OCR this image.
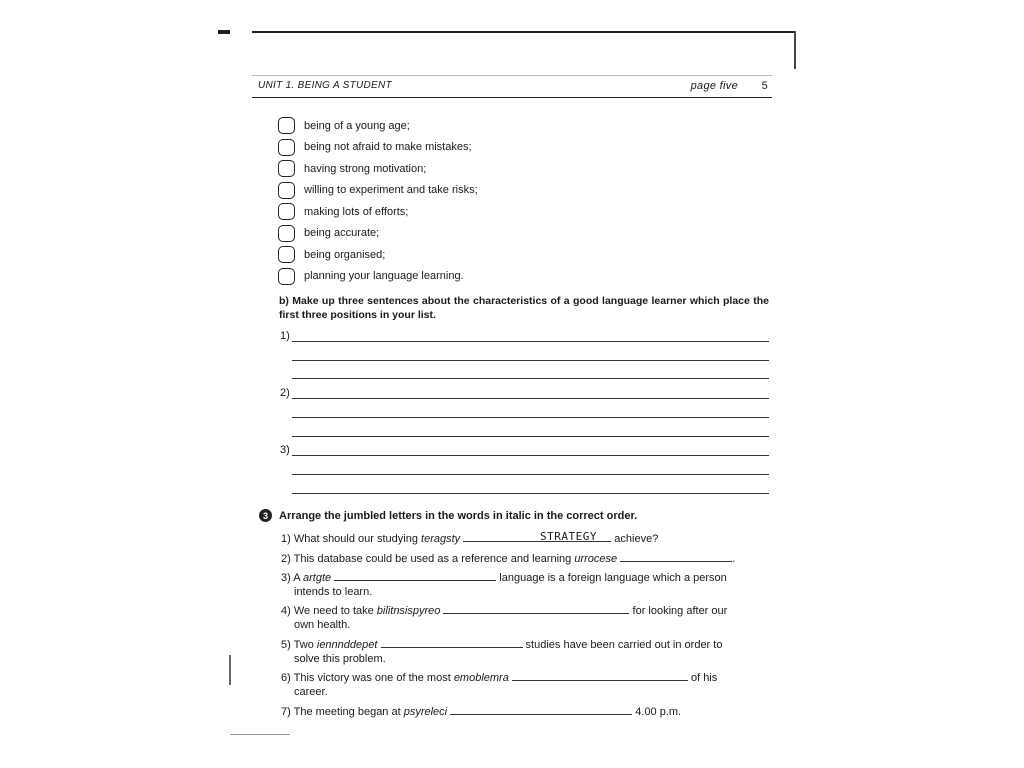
UNIT 1. BEING A STUDENT	page five 5
being of a young age;
being not afraid to make mistakes;
having strong motivation;
willing to experiment and take risks;
making lots of efforts;
being accurate;
being organised;
planning your language learning.
b) Make up three sentences about the characteristics of a good language learner which place the first three positions in your list.
1)
2)
3)
3	Arrange the jumbled letters in the words in italic in the correct order.
1) What should our studying teragsty	achieve?
STRATEGY
2) This database could be used as a reference and learning urrocese	.
3) A artgte	language is a foreign language which a person
intends to learn.
4) We need to take bilitnsispyreo	for looking after our
own health.
5) Two iennnddepet	studies have been carried out in order to
solve this problem.
6) This victory was one of the most emoblemra	of his
career.
7) The meeting began at psyreleci	4.00 p.m.
